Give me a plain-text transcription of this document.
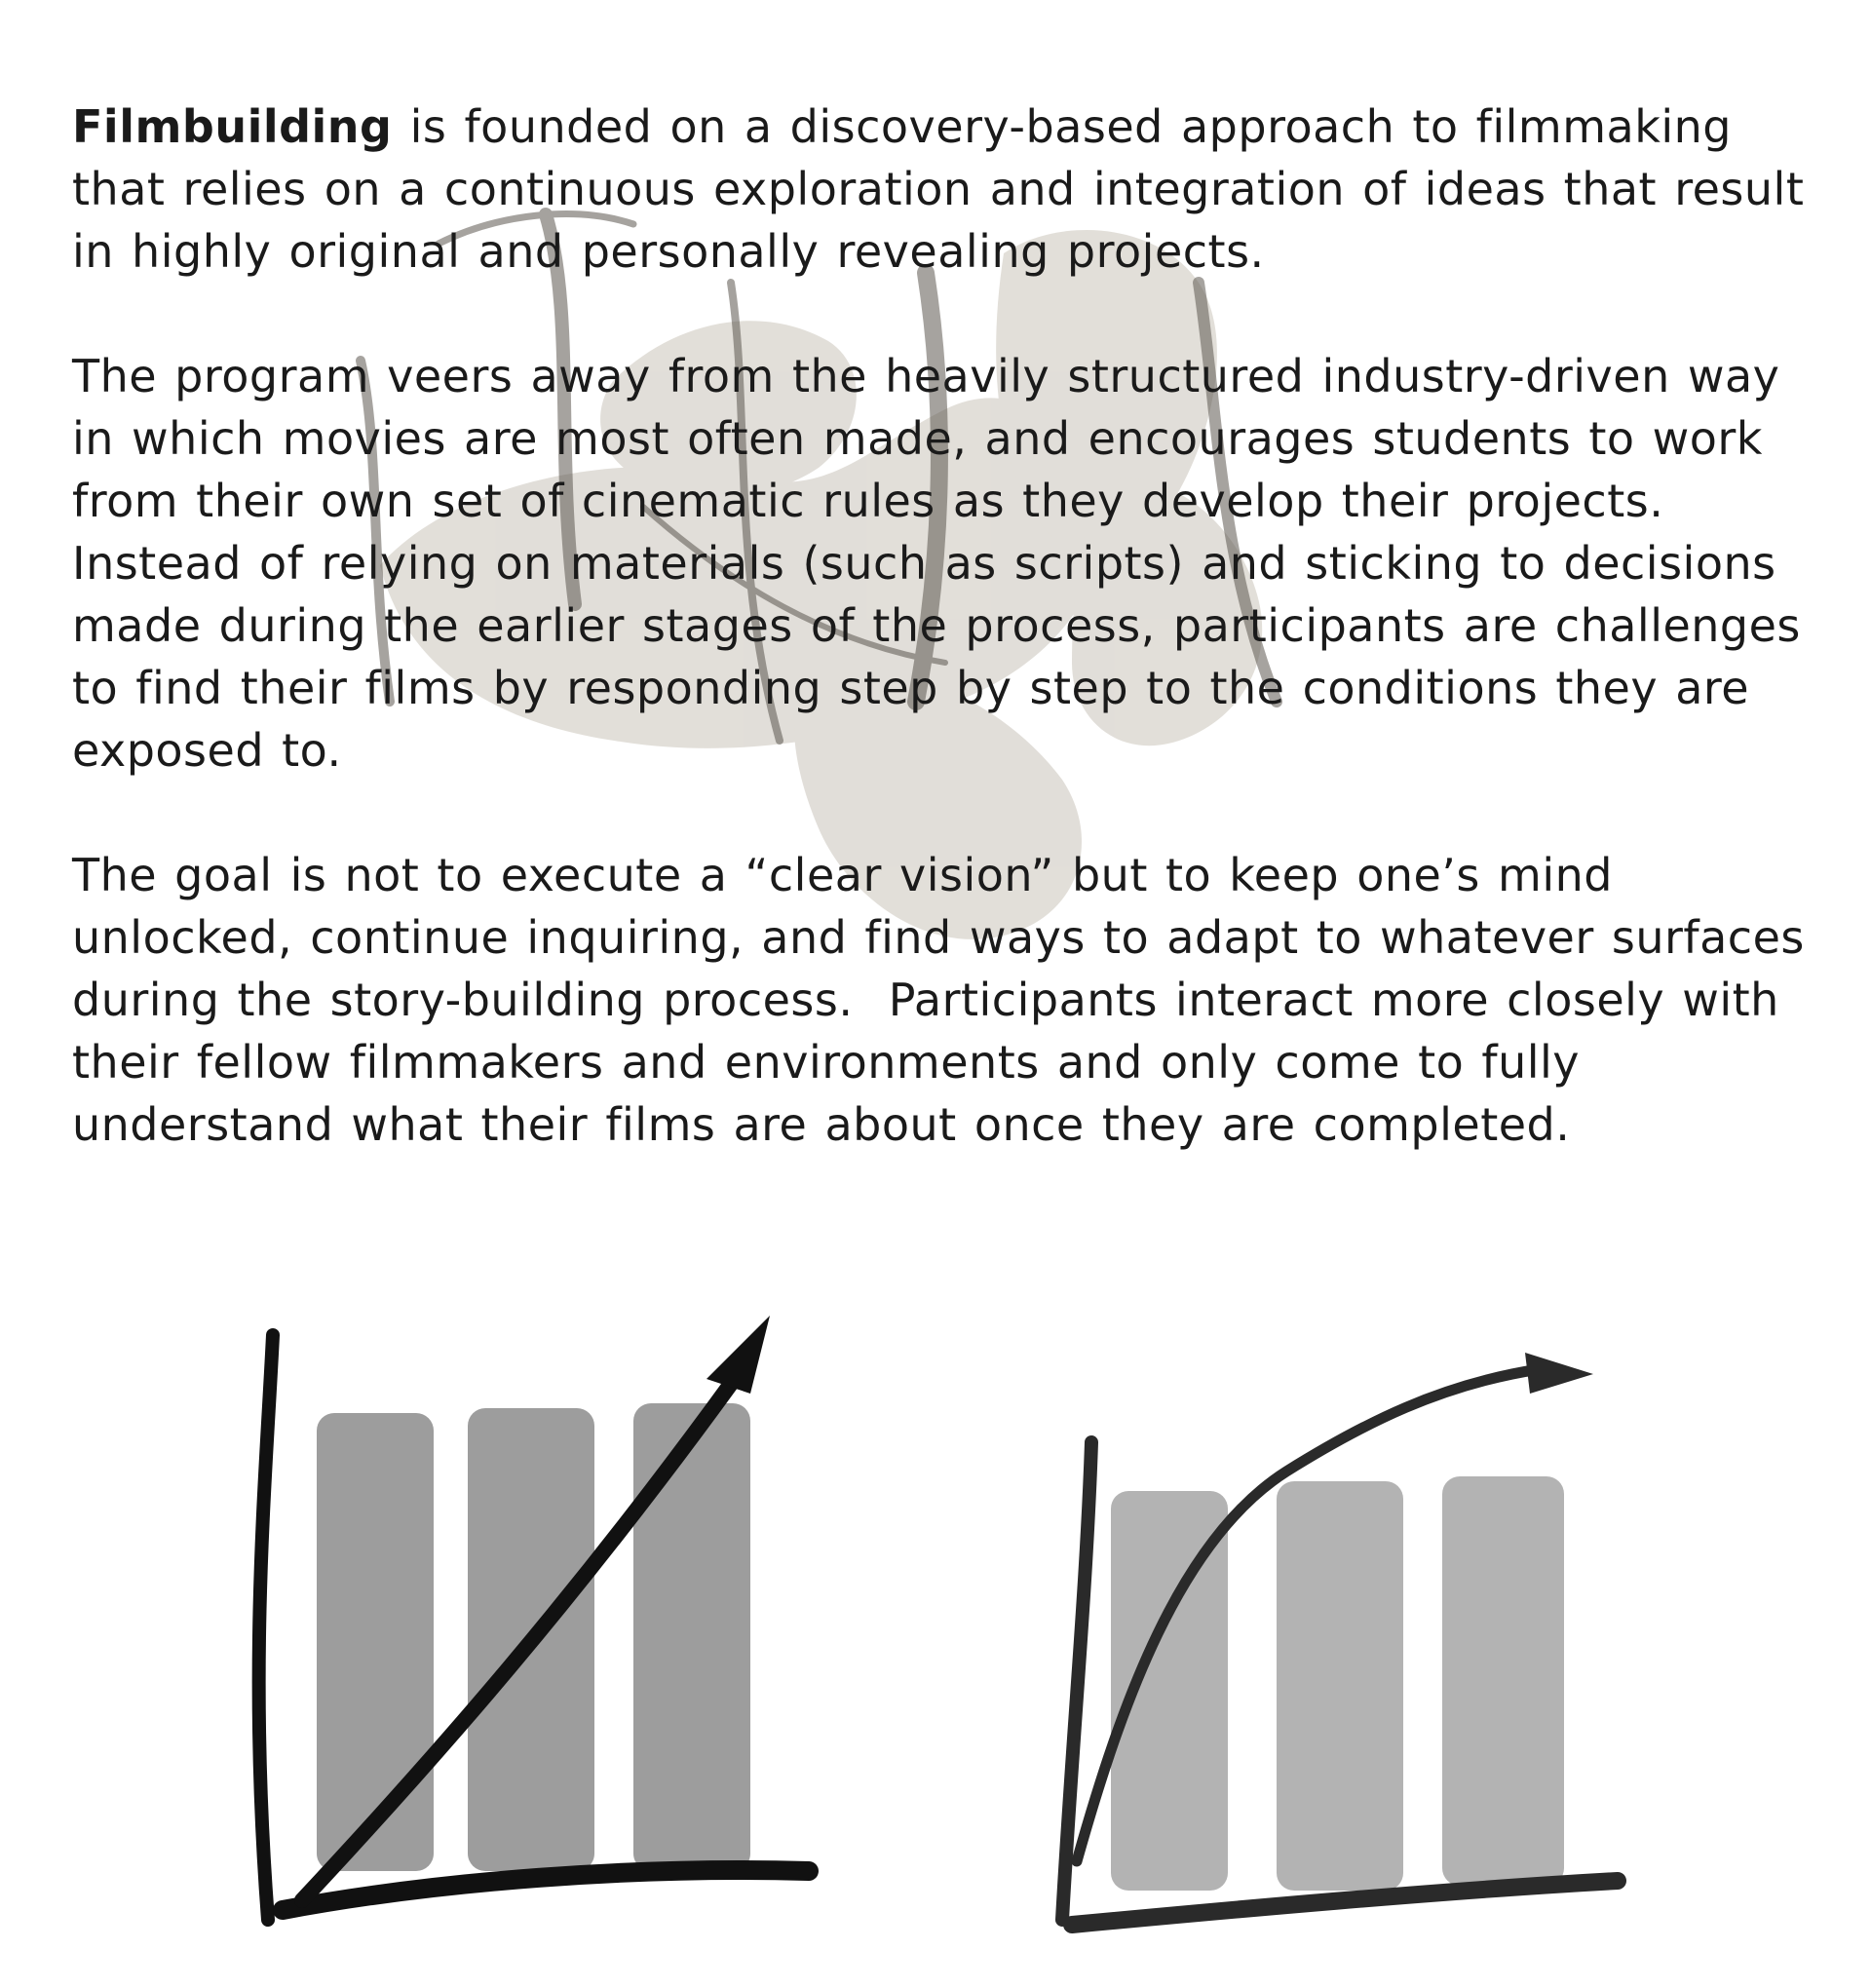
Filmbuilding is founded on a discovery-based approach to filmmaking that relies on a continuous exploration and integration of ideas that result in highly original and personally revealing projects.

The program veers away from the heavily structured industry-driven way in which movies are most often made, and encourages students to work from their own set of cinematic rules as they develop their projects.  Instead of relying on materials (such as scripts) and sticking to decisions made during the earlier stages of the process, participants are challenges to find their films by responding step by step to the conditions they are exposed to.

The goal is not to execute a “clear vision” but to keep one’s mind unlocked, continue inquiring, and find ways to adapt to whatever surfaces during the story-building process.  Participants interact more closely with their fellow filmmakers and environments and only come to fully understand what their films are about once they are completed.
